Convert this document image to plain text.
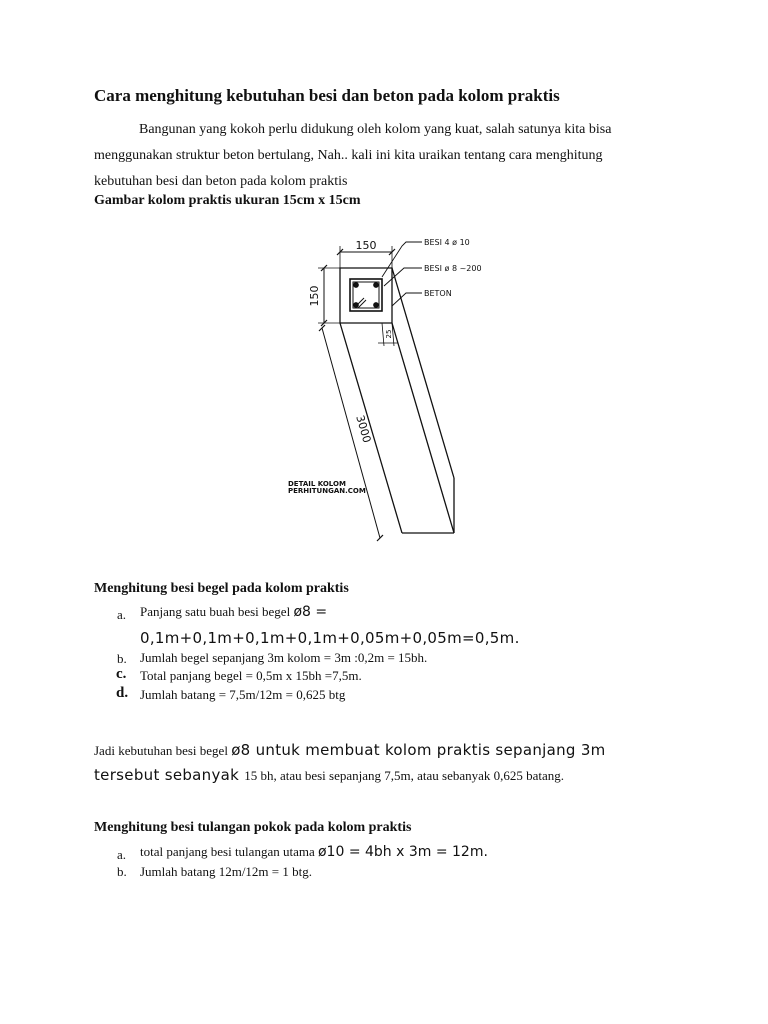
Cara menghitung kebutuhan besi dan beton pada kolom praktis
Bangunan yang kokoh perlu didukung oleh kolom yang kuat, salah satunya kita bisa
menggunakan struktur beton bertulang, Nah.. kali ini kita uraikan tentang cara menghitung
kebutuhan besi dan beton pada kolom praktis
Gambar kolom praktis ukuran 15cm x 15cm
150
150
3000
25
BESI 4 ø 10
BESI ø 8 ~200
BETON
DETAIL KOLOM
PERHITUNGAN.COM
Menghitung besi begel pada kolom praktis
a. Panjang satu buah besi begel ø8 =
0,1m+0,1m+0,1m+0,1m+0,05m+0,05m=0,5m.
b. Jumlah begel sepanjang 3m kolom = 3m :0,2m = 15bh.
c. Total panjang begel = 0,5m x 15bh =7,5m.
d. Jumlah batang = 7,5m/12m = 0,625 btg
Jadi kebutuhan besi begel ø8 untuk membuat kolom praktis sepanjang 3m
tersebut sebanyak 15 bh, atau besi sepanjang 7,5m, atau sebanyak 0,625 batang.
Menghitung besi tulangan pokok pada kolom praktis
a. total panjang besi tulangan utama ø10 = 4bh x 3m = 12m.
b. Jumlah batang 12m/12m = 1 btg.
